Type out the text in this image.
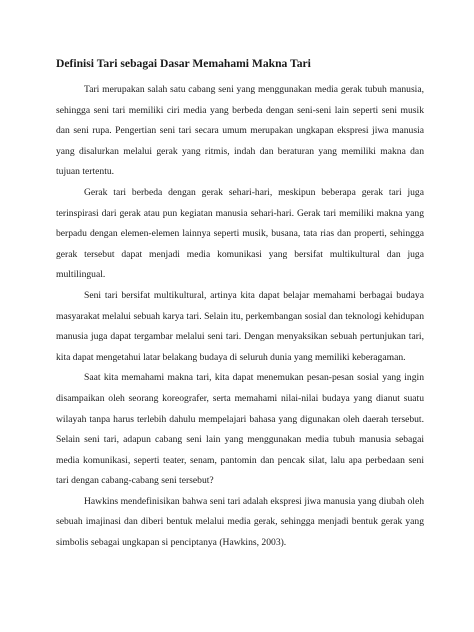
Definisi Tari sebagai Dasar Memahami Makna Tari

Tari merupakan salah satu cabang seni yang menggunakan media gerak tubuh manusia, sehingga seni tari memiliki ciri media yang berbeda dengan seni-seni lain seperti seni musik dan seni rupa. Pengertian seni tari secara umum merupakan ungkapan ekspresi jiwa manusia yang disalurkan melalui gerak yang ritmis, indah dan beraturan yang memiliki makna dan tujuan tertentu.

Gerak tari berbeda dengan gerak sehari-hari, meskipun beberapa gerak tari juga terinspirasi dari gerak atau pun kegiatan manusia sehari-hari. Gerak tari memiliki makna yang berpadu dengan elemen-elemen lainnya seperti musik, busana, tata rias dan properti, sehingga gerak tersebut dapat menjadi media komunikasi yang bersifat multikultural dan juga multilingual.

Seni tari bersifat multikultural, artinya kita dapat belajar memahami berbagai budaya masyarakat melalui sebuah karya tari. Selain itu, perkembangan sosial dan teknologi kehidupan manusia juga dapat tergambar melalui seni tari. Dengan menyaksikan sebuah pertunjukan tari, kita dapat mengetahui latar belakang budaya di seluruh dunia yang memiliki keberagaman.

Saat kita memahami makna tari, kita dapat menemukan pesan-pesan sosial yang ingin disampaikan oleh seorang koreografer, serta memahami nilai-nilai budaya yang dianut suatu wilayah tanpa harus terlebih dahulu mempelajari bahasa yang digunakan oleh daerah tersebut. Selain seni tari, adapun cabang seni lain yang menggunakan media tubuh manusia sebagai media komunikasi, seperti teater, senam, pantomin dan pencak silat, lalu apa perbedaan seni tari dengan cabang-cabang seni tersebut?

Hawkins mendefinisikan bahwa seni tari adalah ekspresi jiwa manusia yang diubah oleh sebuah imajinasi dan diberi bentuk melalui media gerak, sehingga menjadi bentuk gerak yang simbolis sebagai ungkapan si penciptanya (Hawkins, 2003).
